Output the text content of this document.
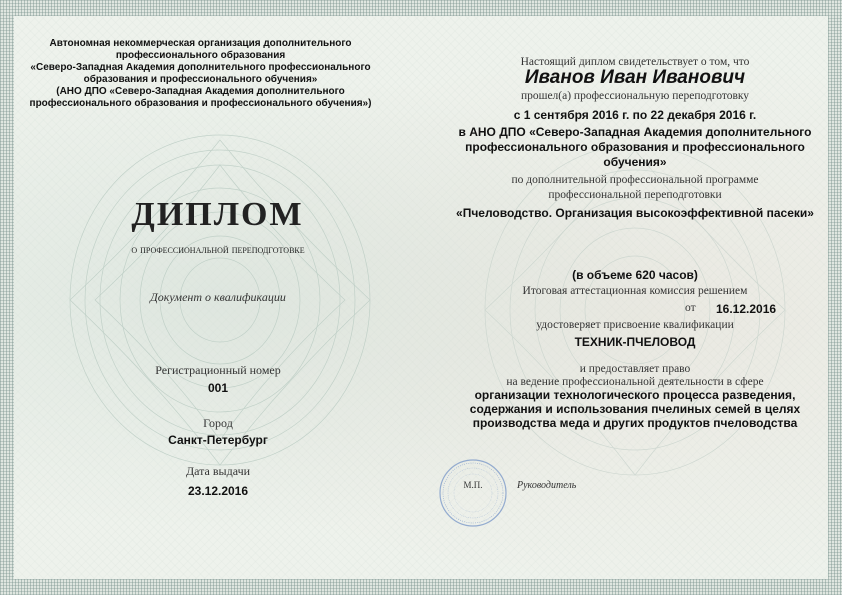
Автономная некоммерческая организация дополнительного
профессионального образования
«Северо-Западная Академия дополнительного профессионального
образования и профессионального обучения»
(АНО ДПО «Северо-Западная Академия дополнительного
профессионального образования и профессионального обучения»)
ДИПЛОМ
о профессиональной переподготовке
Документ о квалификации
Регистрационный номер
001
Город
Санкт-Петербург
Дата выдачи
23.12.2016
Настоящий диплом свидетельствует о том, что
Иванов Иван Иванович
прошел(а) профессиональную переподготовку
с 1 сентября 2016 г. по 22 декабря 2016 г.
в АНО ДПО «Северо-Западная Академия дополнительного
профессионального образования и профессионального
обучения»
по дополнительной профессиональной программе
профессиональной переподготовки
«Пчеловодство. Организация высокоэффективной пасеки»
(в объеме 620 часов)
Итоговая аттестационная комиссия решением
от 16.12.2016
удостоверяет присвоение квалификации
ТЕХНИК-ПЧЕЛОВОД
и предоставляет право
на ведение профессиональной деятельности в сфере
организации технологического процесса разведения,
содержания и использования пчелиных семей в целях
производства меда и других продуктов пчеловодства
М.П.	Руководитель
